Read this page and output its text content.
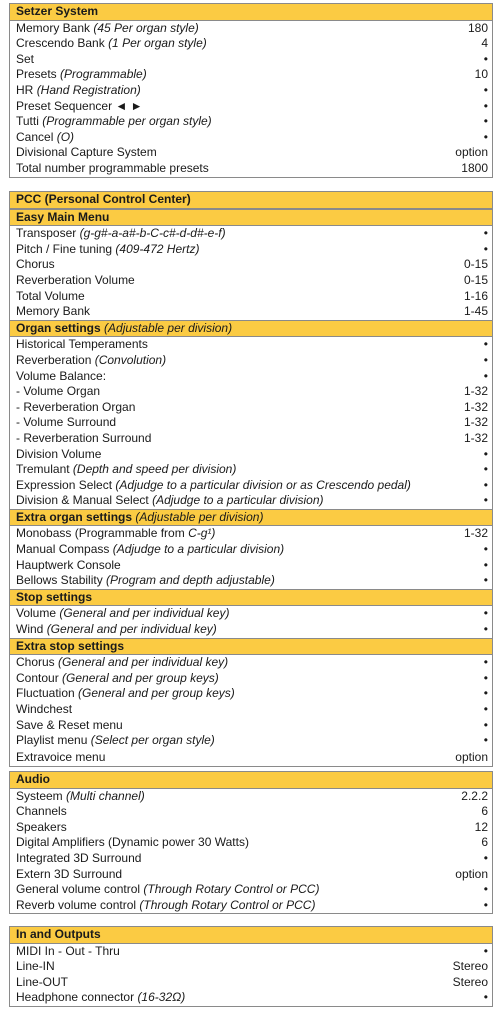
Setzer System
Memory Bank (45 Per organ style)	180
Crescendo Bank (1 Per organ style)	4
Set	•
Presets (Programmable)	10
HR (Hand Registration)	•
Preset Sequencer ◄ ►	•
Tutti (Programmable per organ style)	•
Cancel (O)	•
Divisional Capture System	option
Total number programmable presets	1800
PCC (Personal Control Center)
Easy Main Menu
Transposer (g-g#-a-a#-b-C-c#-d-d#-e-f)	•
Pitch / Fine tuning (409-472 Hertz)	•
Chorus	0-15
Reverberation Volume	0-15
Total Volume	1-16
Memory Bank	1-45
Organ settings (Adjustable per division)
Historical Temperaments	•
Reverberation (Convolution)	•
Volume Balance:	•
- Volume Organ	1-32
- Reverberation Organ	1-32
- Volume Surround	1-32
- Reverberation Surround	1-32
Division Volume	•
Tremulant (Depth and speed per division)	•
Expression Select (Adjudge to a particular division or as Crescendo pedal)	•
Division & Manual Select (Adjudge to a particular division)	•
Extra organ settings (Adjustable per division)
Monobass (Programmable from C-g¹)	1-32
Manual Compass (Adjudge to a particular division)	•
Hauptwerk Console	•
Bellows Stability (Program and depth adjustable)	•
Stop settings
Volume (General and per individual key)	•
Wind (General and per individual key)	•
Extra stop settings
Chorus (General and per individual key)	•
Contour (General and per group keys)	•
Fluctuation (General and per group keys)	•
Windchest	•
Save & Reset menu	•
Playlist menu (Select per organ style)	•
Extravoice menu	option
Audio
Systeem (Multi channel)	2.2.2
Channels	6
Speakers	12
Digital Amplifiers (Dynamic power 30 Watts)	6
Integrated 3D Surround	•
Extern 3D Surround	option
General volume control (Through Rotary Control or PCC)	•
Reverb volume control (Through Rotary Control or PCC)	•
In and Outputs
MIDI In - Out - Thru	•
Line-IN	Stereo
Line-OUT	Stereo
Headphone connector (16-32Ω)	•
